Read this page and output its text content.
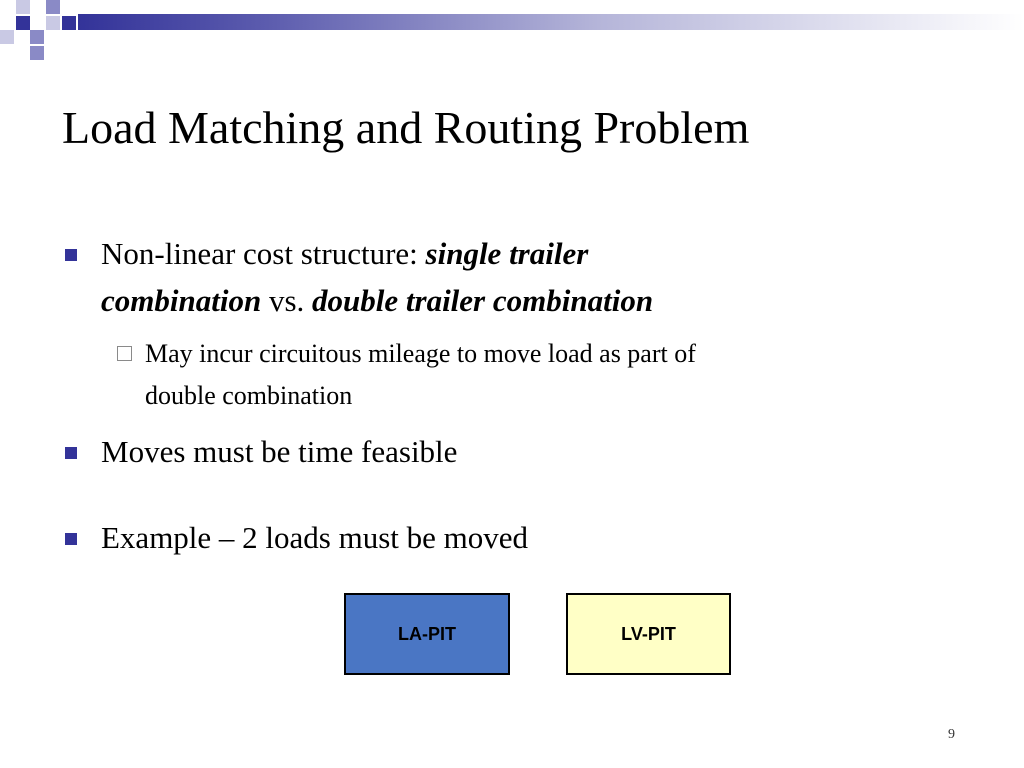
Load Matching and Routing Problem
Non-linear cost structure: single trailer
combination vs. double trailer combination
May incur circuitous mileage to move load as part of
double combination
Moves must be time feasible
Example – 2 loads must be moved
LA-PIT	LV-PIT
9
